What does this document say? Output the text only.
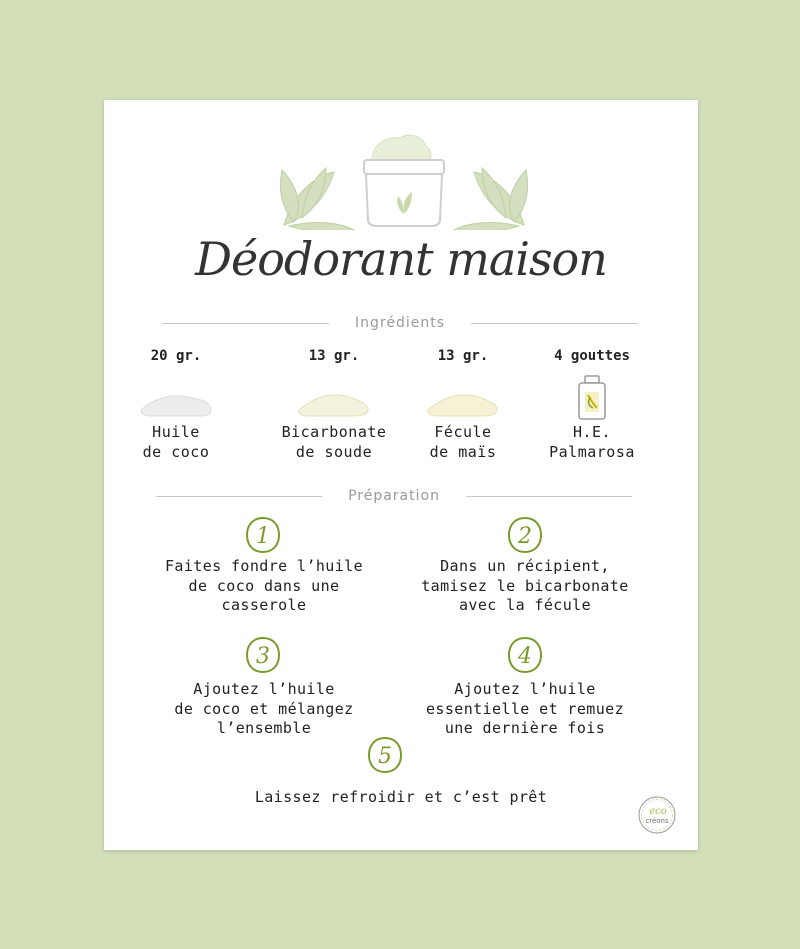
Déodorant maison
Ingrédients
20 gr.
Huile
de coco
13 gr.
Bicarbonate
de soude
13 gr.
Fécule
de maïs
4 gouttes
H.E.
Palmarosa
Préparation
1
Faites fondre l’huile
de coco dans une
casserole
2
Dans un récipient,
tamisez le bicarbonate
avec la fécule
3
Ajoutez l’huile
de coco et mélangez
l’ensemble
4
Ajoutez l’huile
essentielle et remuez
une dernière fois
5
Laissez refroidir et c’est prêt
eco
créons
